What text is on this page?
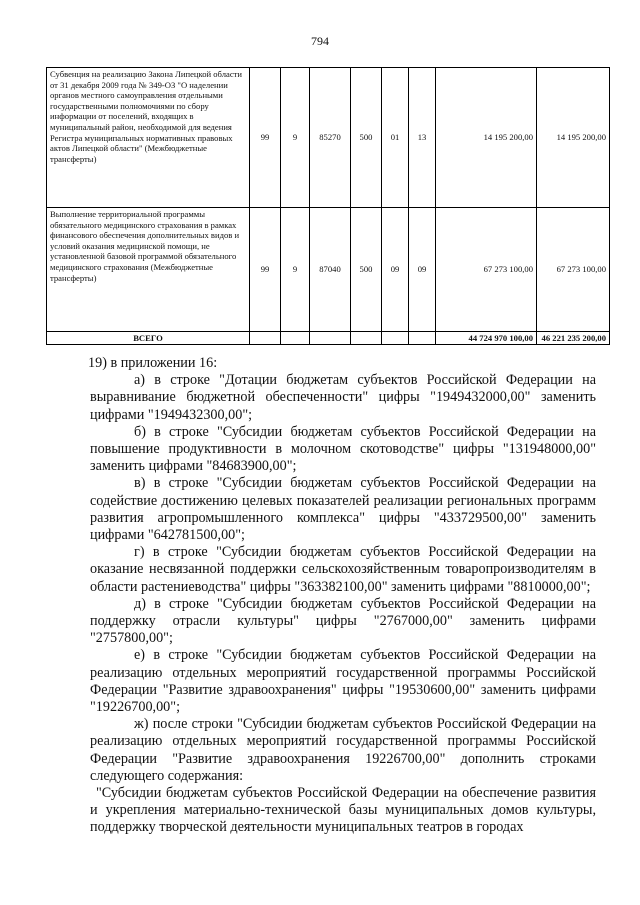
794
Субвенция на реализацию Закона Липецкой области от 31 декабря 2009 года № 349-ОЗ "О наделении органов местного самоуправления отдельными государственными полномочиями по сбору информации от поселений, входящих в муниципальный район, необходимой для ведения Регистра муниципальных нормативных правовых актов Липецкой области" (Межбюджетные трансферты)	99	9	85270	500	01	13	14 195 200,00	14 195 200,00
Выполнение территориальной программы обязательного медицинского страхования в рамках финансового обеспечения дополнительных видов и условий оказания медицинской помощи, не установленной базовой программой обязательного медицинского страхования (Межбюджетные трансферты)	99	9	87040	500	09	09	67 273 100,00	67 273 100,00
ВСЕГО							44 724 970 100,00	46 221 235 200,00

19) в приложении 16:

а) в строке "Дотации бюджетам субъектов Российской Федерации на выравнивание бюджетной обеспеченности" цифры "1949432000,00" заменить цифрами "1949432300,00";

б) в строке "Субсидии бюджетам субъектов Российской Федерации на повышение продуктивности в молочном скотоводстве" цифры "131948000,00" заменить цифрами "84683900,00";

в) в строке "Субсидии бюджетам субъектов Российской Федерации на содействие достижению целевых показателей реализации региональных программ развития агропромышленного комплекса" цифры "433729500,00" заменить цифрами "642781500,00";

г) в строке "Субсидии бюджетам субъектов Российской Федерации на оказание несвязанной поддержки сельскохозяйственным товаропроизводителям в области растениеводства" цифры "363382100,00" заменить цифрами "8810000,00";

д) в строке "Субсидии бюджетам субъектов Российской Федерации на поддержку отрасли культуры" цифры "2767000,00" заменить цифрами "2757800,00";

е) в строке "Субсидии бюджетам субъектов Российской Федерации на реализацию отдельных мероприятий государственной программы Российской Федерации "Развитие здравоохранения" цифры "19530600,00" заменить цифрами "19226700,00";

ж) после строки "Субсидии бюджетам субъектов Российской Федерации на реализацию отдельных мероприятий государственной программы Российской Федерации "Развитие здравоохранения 19226700,00" дополнить строками следующего содержания:

"Субсидии бюджетам субъектов Российской Федерации на обеспечение развития и укрепления материально-технической базы муниципальных домов культуры, поддержку творческой деятельности муниципальных театров в городах
